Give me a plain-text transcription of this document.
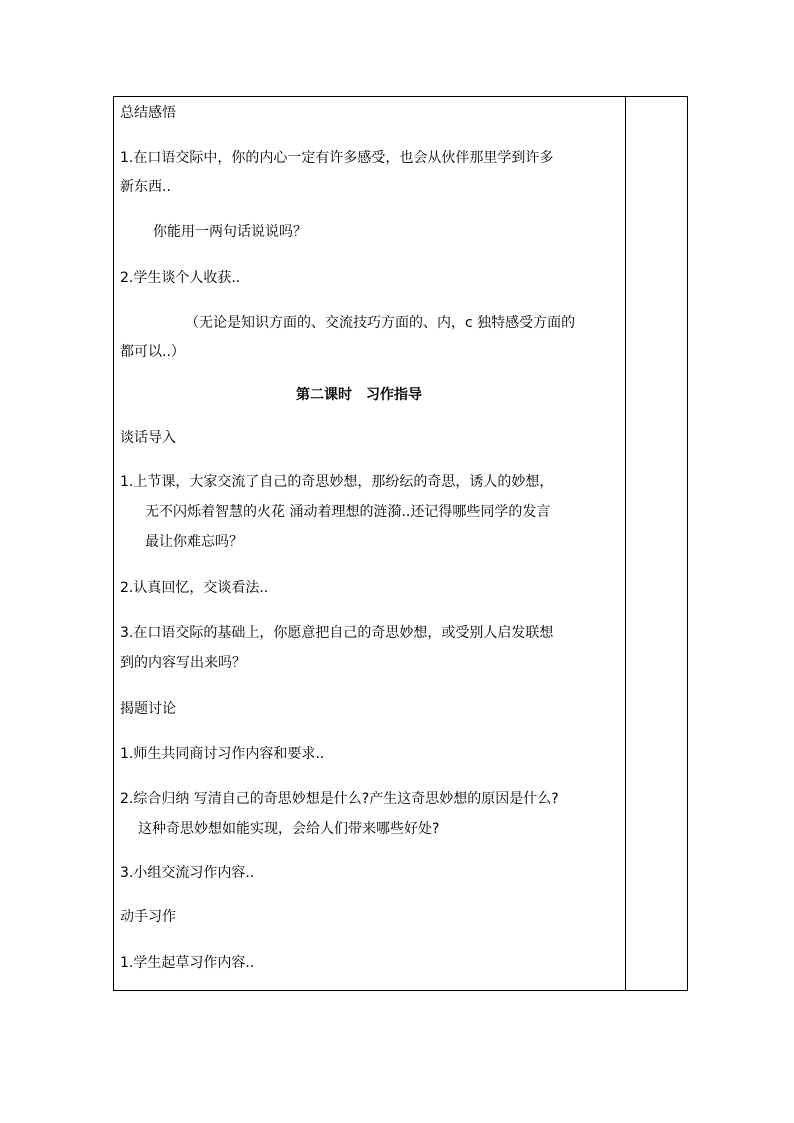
总结感悟
1.在口语交际中，你的内心一定有许多感受，也会从伙伴那里学到许多
新东西..
你能用一两句话说说吗？
2.学生谈个人收获..
（无论是知识方面的、交流技巧方面的、内，c 独特感受方面的
都可以..）
第二课时　习作指导
谈话导入
1.上节课，大家交流了自己的奇思妙想，那纷纭的奇思，诱人的妙想，
无不闪烁着智慧的火花 涌动着理想的涟漪..还记得哪些同学的发言
最让你难忘吗？
2.认真回忆，交谈看法..
3.在口语交际的基础上，你愿意把自己的奇思妙想，或受别人启发联想
到的内容写出来吗？
揭题讨论
1.师生共同商讨习作内容和要求..
2.综合归纳 写清自己的奇思妙想是什么?产生这奇思妙想的原因是什么?
这种奇思妙想如能实现，会给人们带来哪些好处?
3.小组交流习作内容..
动手习作
1.学生起草习作内容..
